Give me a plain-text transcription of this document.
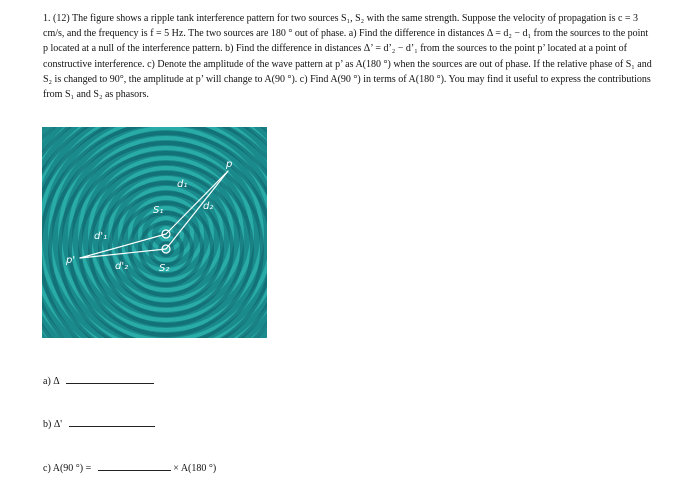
1. (12) The figure shows a ripple tank interference pattern for two sources S₁, S₂ with the same strength. Suppose the velocity of propagation is c = 3 cm/s, and the frequency is f = 5 Hz. The two sources are 180 ° out of phase. a) Find the difference in distances Δ = d₂ − d₁ from the sources to the point p located at a null of the interference pattern. b) Find the difference in distances Δ’ = d’₂ − d’₁ from the sources to the point p’ located at a point of constructive interference. c) Denote the amplitude of the wave pattern at p’ as A(180 °) when the sources are out of phase. If the relative phase of S₁ and S₂ is changed to 90°, the amplitude at p’ will change to A(90 °). c) Find A(90 °) in terms of A(180 °). You may find it useful to express the contributions from S₁ and S₂ as phasors.

p
p'
d₁
d₂
d'₁
d'₂
S₁
S₂
a) Δ
b) Δ'
c) A(90 °) =	× A(180 °)
